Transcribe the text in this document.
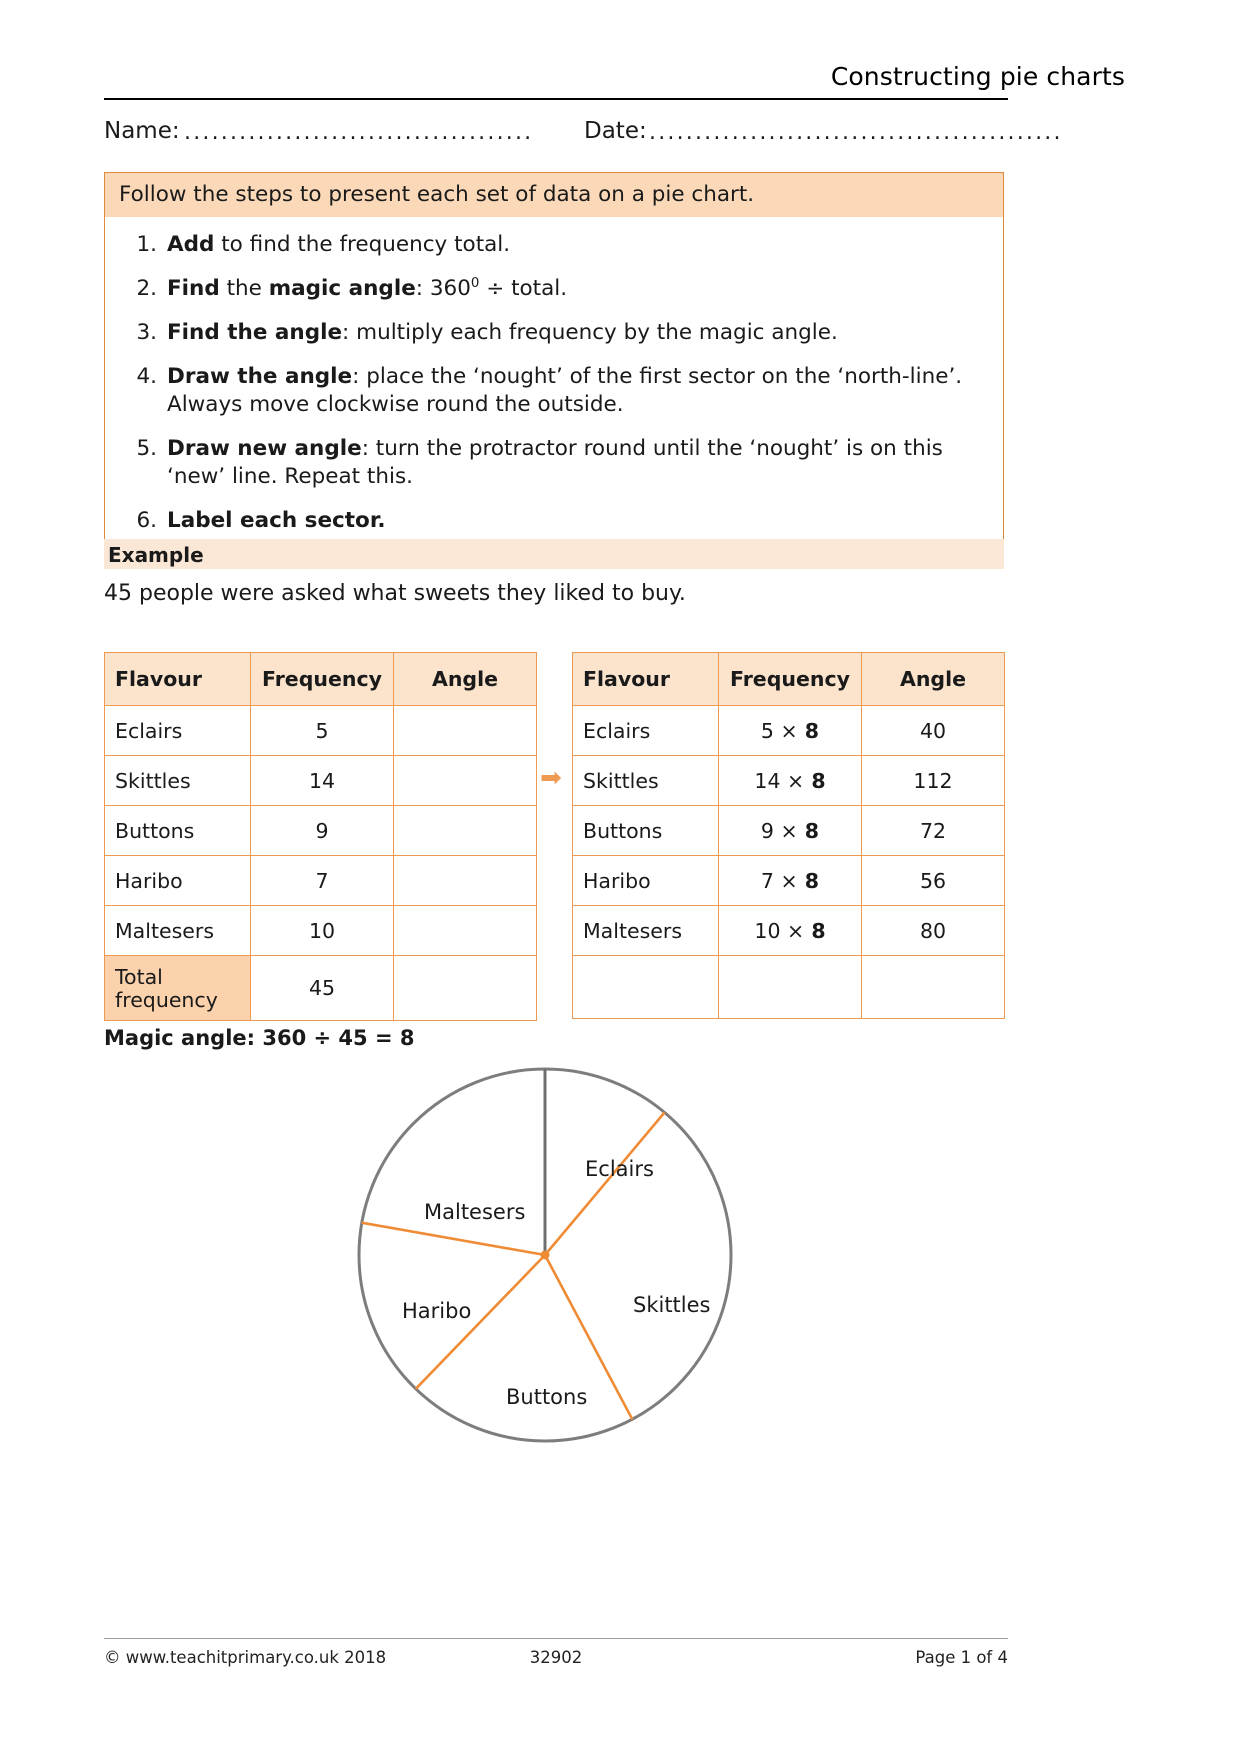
Constructing pie charts
Name: ...................................... Date: .............................................
Follow the steps to present each set of data on a pie chart.
1. Add to find the frequency total.
2. Find the magic angle: $360^0$ ÷ total.
3. Find the angle: multiply each frequency by the magic angle.
4. Draw the angle: place the ‘nought’ of the first sector on the ‘north-line’. Always move clockwise round the outside.
5. Draw new angle: turn the protractor round until the ‘nought’ is on this ‘new’ line. Repeat this.
6. Label each sector.
Example
45 people were asked what sweets they liked to buy.
Flavour	Frequency	Angle
Eclairs	5	
Skittles	14	
Buttons	9	
Haribo	7	
Maltesers	10	
Total frequency	45	
➡
Flavour	Frequency	Angle
Eclairs	5 × 8	40
Skittles	14 × 8	112
Buttons	9 × 8	72
Haribo	7 × 8	56
Maltesers	10 × 8	80

Magic angle: 360 ÷ 45 = 8
Eclairs
Skittles
Buttons
Haribo
Maltesers
© www.teachitprimary.co.uk 2018	32902	Page 1 of 4
